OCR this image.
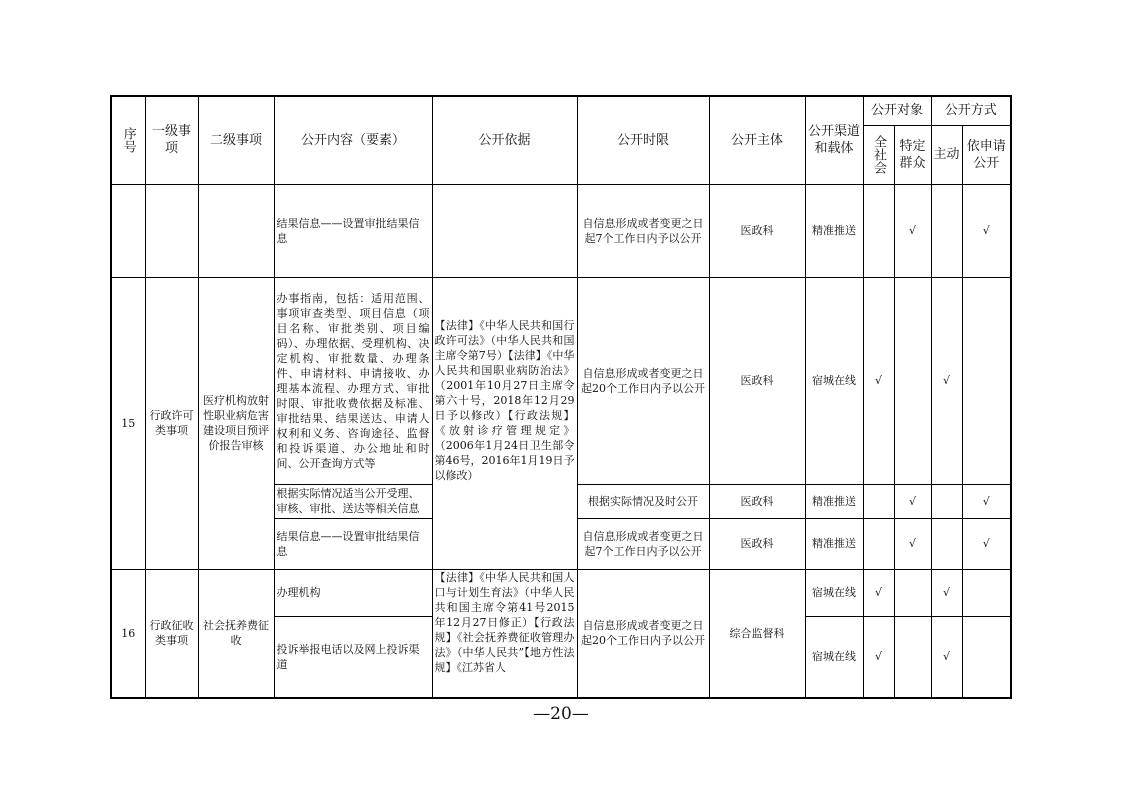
序号	一级事项	二级事项	公开内容（要素）	公开依据	公开时限	公开主体	公开渠道和载体	公开对象		公开方式	
								全社会	特定群众	主动	依申请公开
			结果信息——设置审批结果信息		自信息形成或者变更之日起7个工作日内予以公开	医政科	精准推送		√		√
15	行政许可类事项	医疗机构放射性职业病危害建设项目预评价报告审核	办事指南，包括：适用范围、事项审查类型、项目信息（项目名称、审批类别、项目编码）、办理依据、受理机构、决定机构、审批数量、办理条件、申请材料、申请接收、办理基本流程、办理方式、审批时限、审批收费依据及标准、审批结果、结果送达、申请人权利和义务、咨询途径、监督和投诉渠道、办公地址和时间、公开查询方式等	【法律】《中华人民共和国行政许可法》（中华人民共和国主席令第7号）【法律】《中华人民共和国职业病防治法》（2001年10月27日主席令第六十号，2018年12月29日予以修改）【行政法规】《放射诊疗管理规定》（2006年1月24日卫生部令第46号，2016年1月19日予以修改）	自信息形成或者变更之日起20个工作日内予以公开	医政科	宿城在线	√		√	
			根据实际情况适当公开受理、审核、审批、送达等相关信息		根据实际情况及时公开	医政科	精准推送		√		√
			结果信息——设置审批结果信息		自信息形成或者变更之日起7个工作日内予以公开	医政科	精准推送		√		√
16	行政征收类事项	社会抚养费征收	办理机构	【法律】《中华人民共和国人口与计划生育法》（中华人民共和国主席令第41号2015年12月27日修正）【行政法规】《社会抚养费征收管理办法》（中华人民共”【地方性法规】《江苏省人	自信息形成或者变更之日起20个工作日内予以公开	综合监督科	宿城在线	√		√	
			投诉举报电话以及网上投诉渠道				宿城在线	√		√	
—20—
